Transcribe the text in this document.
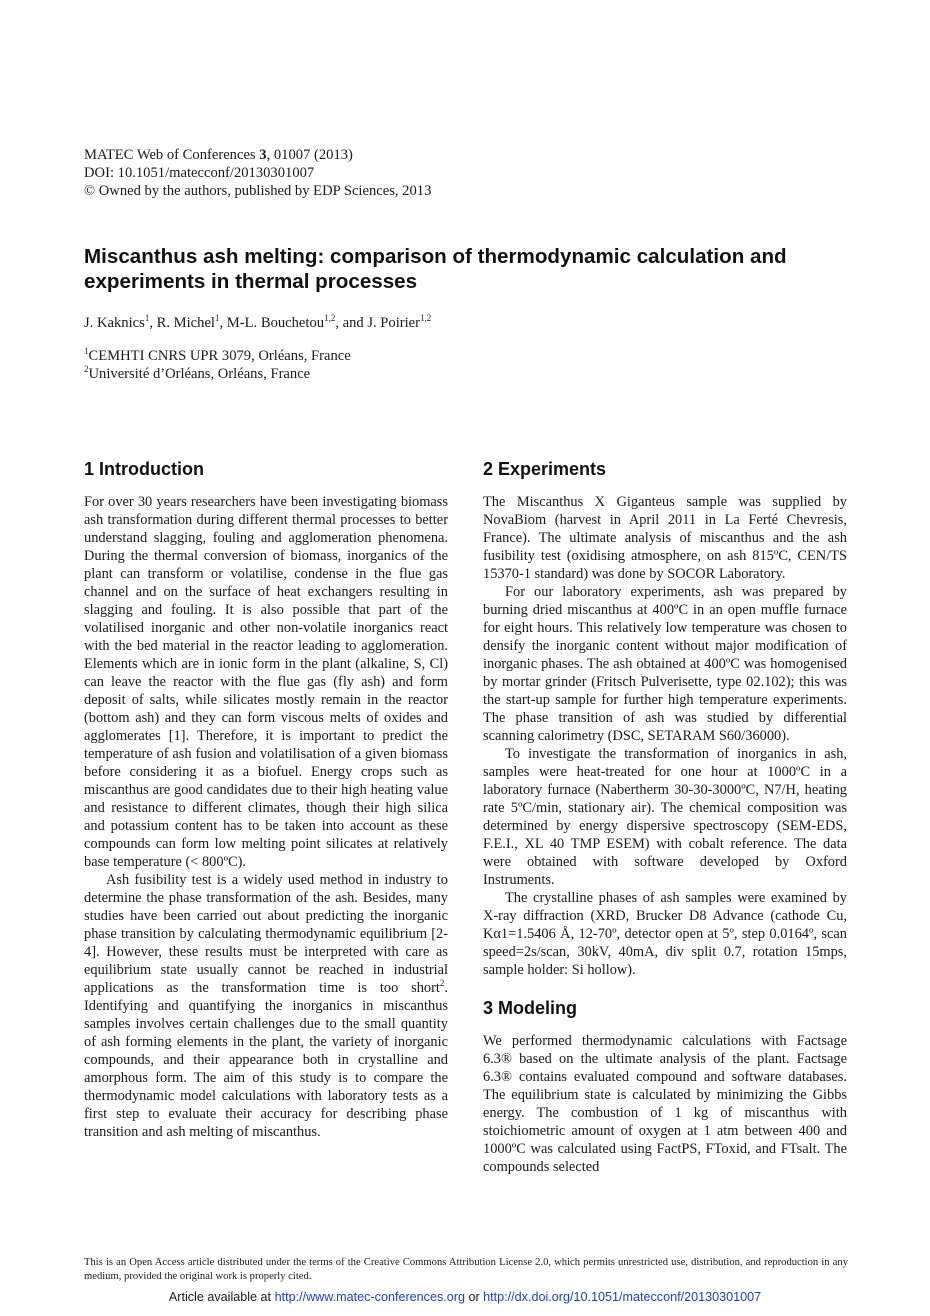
MATEC Web of Conferences 3, 01007 (2013)
DOI: 10.1051/matecconf/20130301007
© Owned by the authors, published by EDP Sciences, 2013
Miscanthus ash melting: comparison of thermodynamic calculation and experiments in thermal processes
J. Kaknics$^1$, R. Michel$^1$, M-L. Bouchetou$^{1,2}$, and J. Poirier$^{1,2}$
$^1$CEMHTI CNRS UPR 3079, Orléans, France
$^2$Université d’Orléans, Orléans, France
1 Introduction

For over 30 years researchers have been investigating biomass ash transformation during different thermal processes to better understand slagging, fouling and agglomeration phenomena. During the thermal conversion of biomass, inorganics of the plant can transform or volatilise, condense in the flue gas channel and on the surface of heat exchangers resulting in slagging and fouling. It is also possible that part of the volatilised inorganic and other non-volatile inorganics react with the bed material in the reactor leading to agglomeration. Elements which are in ionic form in the plant (alkaline, S, Cl) can leave the reactor with the flue gas (fly ash) and form deposit of salts, while silicates mostly remain in the reactor (bottom ash) and they can form viscous melts of oxides and agglomerates [1]. Therefore, it is important to predict the temperature of ash fusion and volatilisation of a given biomass before considering it as a biofuel. Energy crops such as miscanthus are good candidates due to their high heating value and resistance to different climates, though their high silica and potassium content has to be taken into account as these compounds can form low melting point silicates at relatively base temperature (< 800ºC).

Ash fusibility test is a widely used method in industry to determine the phase transformation of the ash. Besides, many studies have been carried out about predicting the inorganic phase transition by calculating thermodynamic equilibrium [2-4]. However, these results must be interpreted with care as equilibrium state usually cannot be reached in industrial applications as the transformation time is too short$^2$. Identifying and quantifying the inorganics in miscanthus samples involves certain challenges due to the small quantity of ash forming elements in the plant, the variety of inorganic compounds, and their appearance both in crystalline and amorphous form. The aim of this study is to compare the thermodynamic model calculations with laboratory tests as a first step to evaluate their accuracy for describing phase transition and ash melting of miscanthus.

2 Experiments

The Miscanthus X Giganteus sample was supplied by NovaBiom (harvest in April 2011 in La Ferté Chevresis, France). The ultimate analysis of miscanthus and the ash fusibility test (oxidising atmosphere, on ash 815ºC, CEN/TS 15370-1 standard) was done by SOCOR Laboratory.

For our laboratory experiments, ash was prepared by burning dried miscanthus at 400ºC in an open muffle furnace for eight hours. This relatively low temperature was chosen to densify the inorganic content without major modification of inorganic phases. The ash obtained at 400ºC was homogenised by mortar grinder (Fritsch Pulverisette, type 02.102); this was the start-up sample for further high temperature experiments. The phase transition of ash was studied by differential scanning calorimetry (DSC, SETARAM S60/36000).

To investigate the transformation of inorganics in ash, samples were heat-treated for one hour at 1000ºC in a laboratory furnace (Nabertherm 30-30-3000ºC, N7/H, heating rate 5ºC/min, stationary air). The chemical composition was determined by energy dispersive spectroscopy (SEM-EDS, F.E.I., XL 40 TMP ESEM) with cobalt reference. The data were obtained with software developed by Oxford Instruments.

The crystalline phases of ash samples were examined by X-ray diffraction (XRD, Brucker D8 Advance (cathode Cu, Kα1=1.5406 Å, 12-70º, detector open at 5º, step 0.0164º, scan speed=2s/scan, 30kV, 40mA, div split 0.7, rotation 15mps, sample holder: Si hollow).

3 Modeling

We performed thermodynamic calculations with Factsage 6.3® based on the ultimate analysis of the plant. Factsage 6.3® contains evaluated compound and software databases. The equilibrium state is calculated by minimizing the Gibbs energy. The combustion of 1 kg of miscanthus with stoichiometric amount of oxygen at 1 atm between 400 and 1000ºC was calculated using FactPS, FToxid, and FTsalt. The compounds selected

This is an Open Access article distributed under the terms of the Creative Commons Attribution License 2.0, which permits unrestricted use, distribution, and reproduction in any medium, provided the original work is properly cited.
Article available at http://www.matec-conferences.org or http://dx.doi.org/10.1051/matecconf/20130301007
